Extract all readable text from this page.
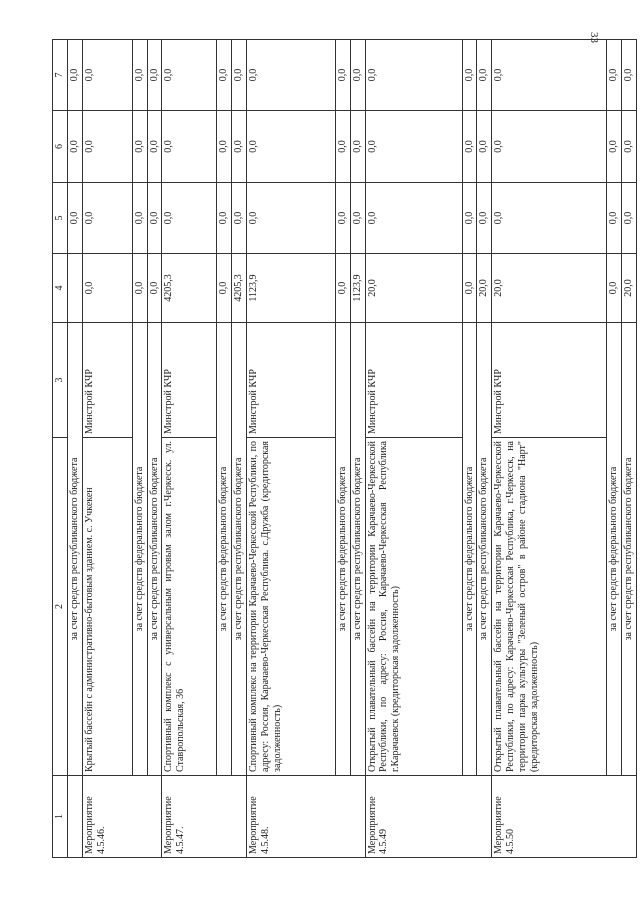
33
1	2	3	4	5	6	7
	за счет средств республиканского бюджета			0,0	0,0	0,0
Мероприятие 4.5.46.	Крытый бассейн с административно-бытовым зданием. с. Учкекен	Минстрой КЧР	0,0	0,0	0,0	0,0
	за счет средств федерального бюджета		0,0	0,0	0,0	0,0
	за счет средств республиканского бюджета		0,0	0,0	0,0	0,0
Мероприятие 4.5.47.	Спортивный комплекс с универсальным игровым залом г.Черкесск. ул. Ставропольская, 36	Минстрой КЧР	4205,3	0,0	0,0	0,0
	за счет средств федерального бюджета		0,0	0,0	0,0	0,0
	за счет средств республиканского бюджета		4205,3	0,0	0,0	0,0
Мероприятие 4.5.48.	Спортивный комплекс на территории Карачаево-Черкесской Республики, по адресу: Россия, Карачаево-Черкесская Республика. с.Дружба (кредиторская задолженность)	Минстрой КЧР	1123,9	0,0	0,0	0,0
	за счет средств федерального бюджета		0,0	0,0	0,0	0,0
	за счет средств республиканского бюджета		1123,9	0,0	0,0	0,0
Мероприятие 4.5.49	Открытый плавательный бассейн на территории Карачаево-Черкесской Республики, по адресу: Россия, Карачаево-Черкесская Республика г.Карачаевск (кредиторская задолженность)	Минстрой КЧР	20,0	0,0	0,0	0,0
	за счет средств федерального бюджета		0,0	0,0	0,0	0,0
	за счет средств республиканского бюджета		20,0	0,0	0,0	0,0
Мероприятие 4.5.50	Открытый плавательный бассейн на территории Карачаево-Черкесской Республики, по адресу: Карачаево-Черкесская Республика, г.Черкесск, на территории парка культуры "Зеленый остров" в районе стадиона "Нарт" (кредиторская задолженность)	Минстрой КЧР	20,0	0,0	0,0	0,0
	за счет средств федерального бюджета		0,0	0,0	0,0	0,0
	за счет средств республиканского бюджета		20,0	0,0	0,0	0,0
